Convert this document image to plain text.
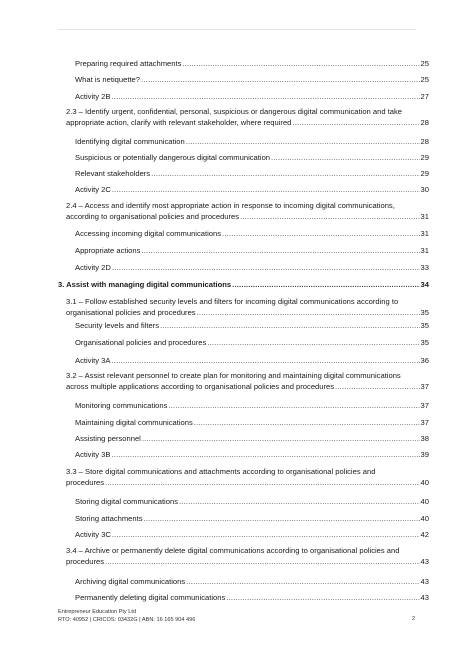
Preparing required attachments .....	25
What is netiquette? .....	25
Activity 2B .....	27
2.3 – Identify urgent, confidential, personal, suspicious or dangerous digital communication and take
appropriate action, clarify with relevant stakeholder, where required .....	28
Identifying digital communication .....	28
Suspicious or potentially dangerous digital communication .....	29
Relevant stakeholders .....	29
Activity 2C .....	30
2.4 – Access and identify most appropriate action in response to incoming digital communications,
according to organisational policies and procedures .....	31
Accessing incoming digital communications .....	31
Appropriate actions .....	31
Activity 2D .....	33
3. Assist with managing digital communications .....	34
3.1 – Follow established security levels and filters for incoming digital communications according to
organisational policies and procedures .....	35
Security levels and filters .....	35
Organisational policies and procedures .....	35
Activity 3A .....	36
3.2 – Assist relevant personnel to create plan for monitoring and maintaining digital communications
across multiple applications according to organisational policies and procedures .....	37
Monitoring communications .....	37
Maintaining digital communications .....	37
Assisting personnel .....	38
Activity 3B .....	39
3.3 – Store digital communications and attachments according to organisational policies and
procedures .....	40
Storing digital communications .....	40
Storing attachments .....	40
Activity 3C .....	42
3.4 – Archive or permanently delete digital communications according to organisational policies and
procedures .....	43
Archiving digital communications .....	43
Permanently deleting digital communications .....	43
Entrepreneur Education Pty Ltd
RTO: 40952 | CRICOS: 03432G | ABN: 16 165 904 496	2
